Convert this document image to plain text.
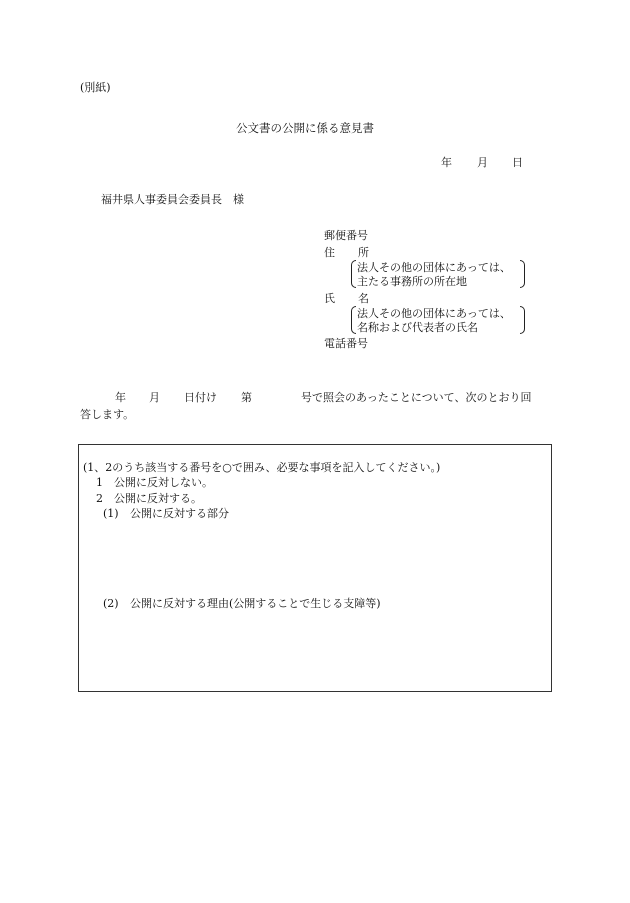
(別紙)
公文書の公開に係る意見書
年 月 日
福井県人事委員会委員長　様
郵便番号
住 所
法人その他の団体にあっては、
主たる事務所の所在地
氏 名
法人その他の団体にあっては、
名称および代表者の氏名
電話番号
年 月 日付け 第	号で照会のあったことについて、次のとおり回
答します。
(1、2のうち該当する番号を○で囲み、必要な事項を記入してください。)
1 公開に反対しない。
2 公開に反対する。
(1) 公開に反対する部分
(2) 公開に反対する理由(公開することで生じる支障等)
